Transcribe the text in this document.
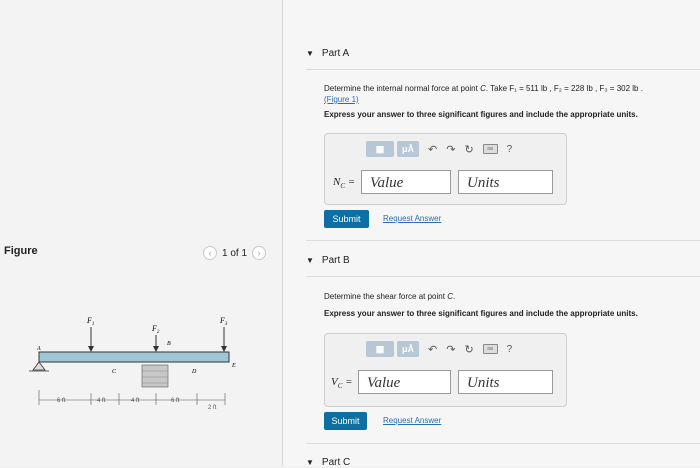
Figure	‹	1 of 1	›
$F_1$	$F_2$
$F_3$
A
B
C	D
E
6 ft	4 ft	4 ft	6 ft
2 ft
▼ Part A
Determine the internal normal force at point C. Take F₁ = 511 lb , F₂ = 228 lb , F₃ = 302 lb .
(Figure 1)
Express your answer to three significant figures and include the appropriate units.
▦	μÅ	↶ ↷ ↻	⌨	?
$N_C$ = Value	Units
Submit	Request Answer
▼ Part B
Determine the shear force at point C.
Express your answer to three significant figures and include the appropriate units.
▦	μÅ	↶ ↷ ↻	⌨	?
$V_C$ = Value	Units
Submit	Request Answer
▼ Part C
